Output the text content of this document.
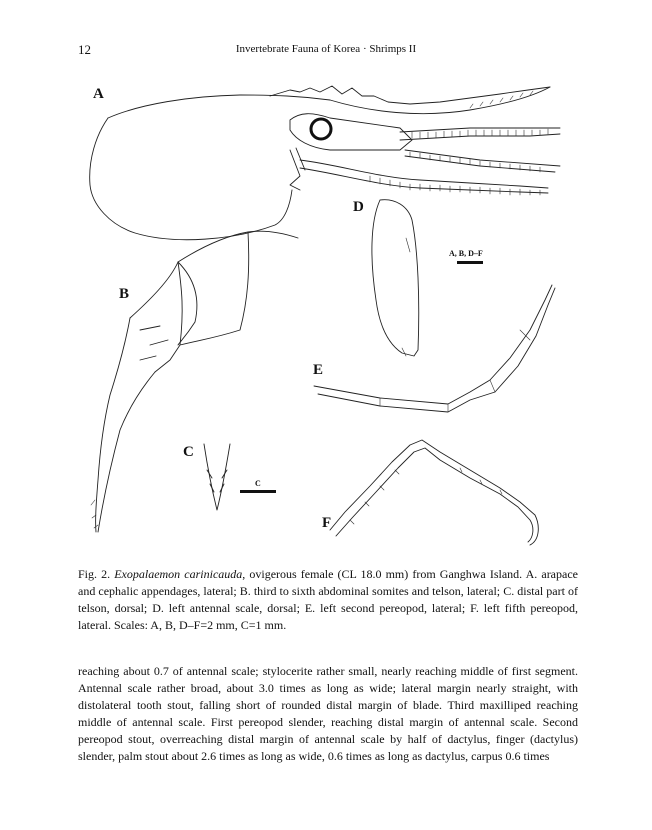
12	Invertebrate Fauna of Korea · Shrimps II
A
B
C
D
E
F
A, B, D–F
C
Fig. 2. Exopalaemon carinicauda, ovigerous female (CL 18.0 mm) from Ganghwa Island. A. arapace and cephalic appendages, lateral; B. third to sixth abdominal somites and telson, lateral; C. distal part of telson, dorsal; D. left antennal scale, dorsal; E. left second pereopod, lateral; F. left fifth pereopod, lateral. Scales: A, B, D–F=2 mm, C=1 mm.
reaching about 0.7 of antennal scale; stylocerite rather small, nearly reaching middle of first segment. Antennal scale rather broad, about 3.0 times as long as wide; lateral margin nearly straight, with distolateral tooth stout, falling short of rounded distal margin of blade. Third maxilliped reaching middle of antennal scale. First pereopod slender, reaching distal margin of antennal scale. Second pereopod stout, overreaching distal margin of antennal scale by half of dactylus, finger (dactylus) slender, palm stout about 2.6 times as long as wide, 0.6 times as long as dactylus, carpus 0.6 times
